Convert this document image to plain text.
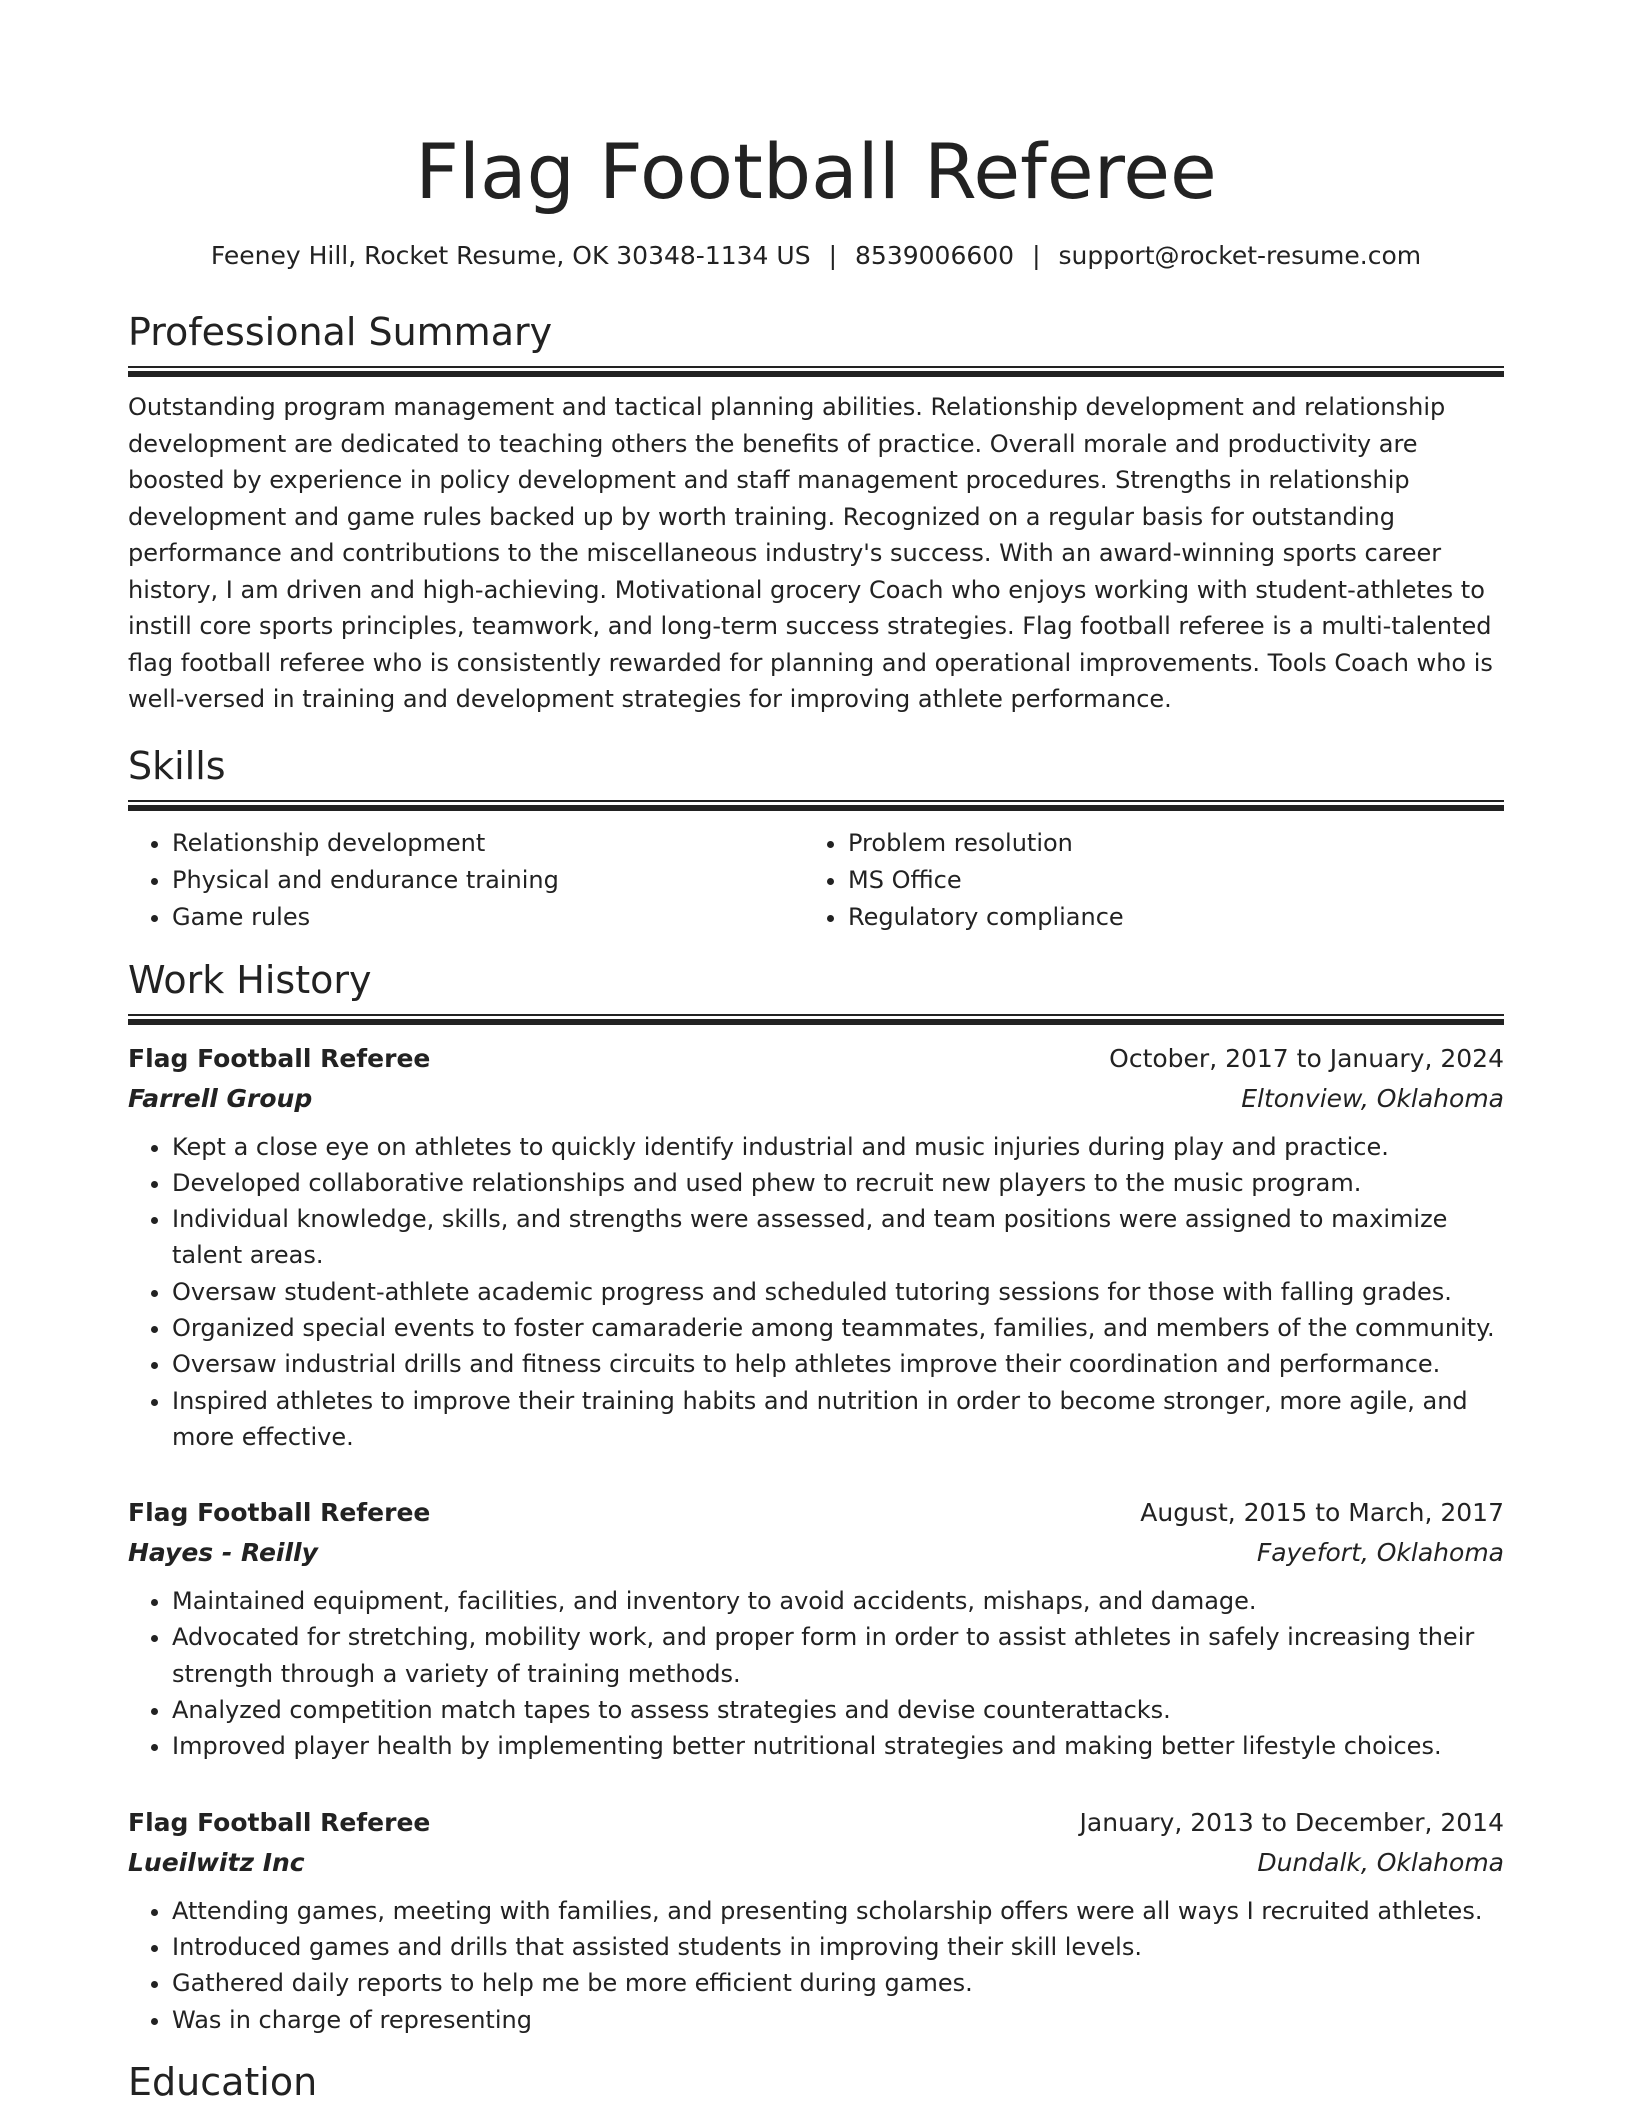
Flag Football Referee
Feeney Hill, Rocket Resume, OK 30348-1134 US | 8539006600 | support@rocket-resume.com
Professional Summary

Outstanding program management and tactical planning abilities. Relationship development and relationship development are dedicated to teaching others the benefits of practice. Overall morale and productivity are boosted by experience in policy development and staff management procedures. Strengths in relationship development and game rules backed up by worth training. Recognized on a regular basis for outstanding performance and contributions to the miscellaneous industry's success. With an award-winning sports career history, I am driven and high-achieving. Motivational grocery Coach who enjoys working with student-athletes to instill core sports principles, teamwork, and long-term success strategies. Flag football referee is a multi-talented flag football referee who is consistently rewarded for planning and operational improvements. Tools Coach who is well-versed in training and development strategies for improving athlete performance.

Skills
• Relationship development
• Physical and endurance training
• Game rules
• Problem resolution
• MS Office
• Regulatory compliance
Work History
Flag Football Referee	October, 2017 to January, 2024
Farrell Group	Eltonview, Oklahoma
• Kept a close eye on athletes to quickly identify industrial and music injuries during play and practice.
• Developed collaborative relationships and used phew to recruit new players to the music program.
• Individual knowledge, skills, and strengths were assessed, and team positions were assigned to maximize talent areas.
• Oversaw student-athlete academic progress and scheduled tutoring sessions for those with falling grades.
• Organized special events to foster camaraderie among teammates, families, and members of the community.
• Oversaw industrial drills and fitness circuits to help athletes improve their coordination and performance.
• Inspired athletes to improve their training habits and nutrition in order to become stronger, more agile, and more effective.
Flag Football Referee	August, 2015 to March, 2017
Hayes - Reilly	Fayefort, Oklahoma
• Maintained equipment, facilities, and inventory to avoid accidents, mishaps, and damage.
• Advocated for stretching, mobility work, and proper form in order to assist athletes in safely increasing their strength through a variety of training methods.
• Analyzed competition match tapes to assess strategies and devise counterattacks.
• Improved player health by implementing better nutritional strategies and making better lifestyle choices.
Flag Football Referee	January, 2013 to December, 2014
Lueilwitz Inc	Dundalk, Oklahoma
• Attending games, meeting with families, and presenting scholarship offers were all ways I recruited athletes.
• Introduced games and drills that assisted students in improving their skill levels.
• Gathered daily reports to help me be more efficient during games.
• Was in charge of representing
Education
